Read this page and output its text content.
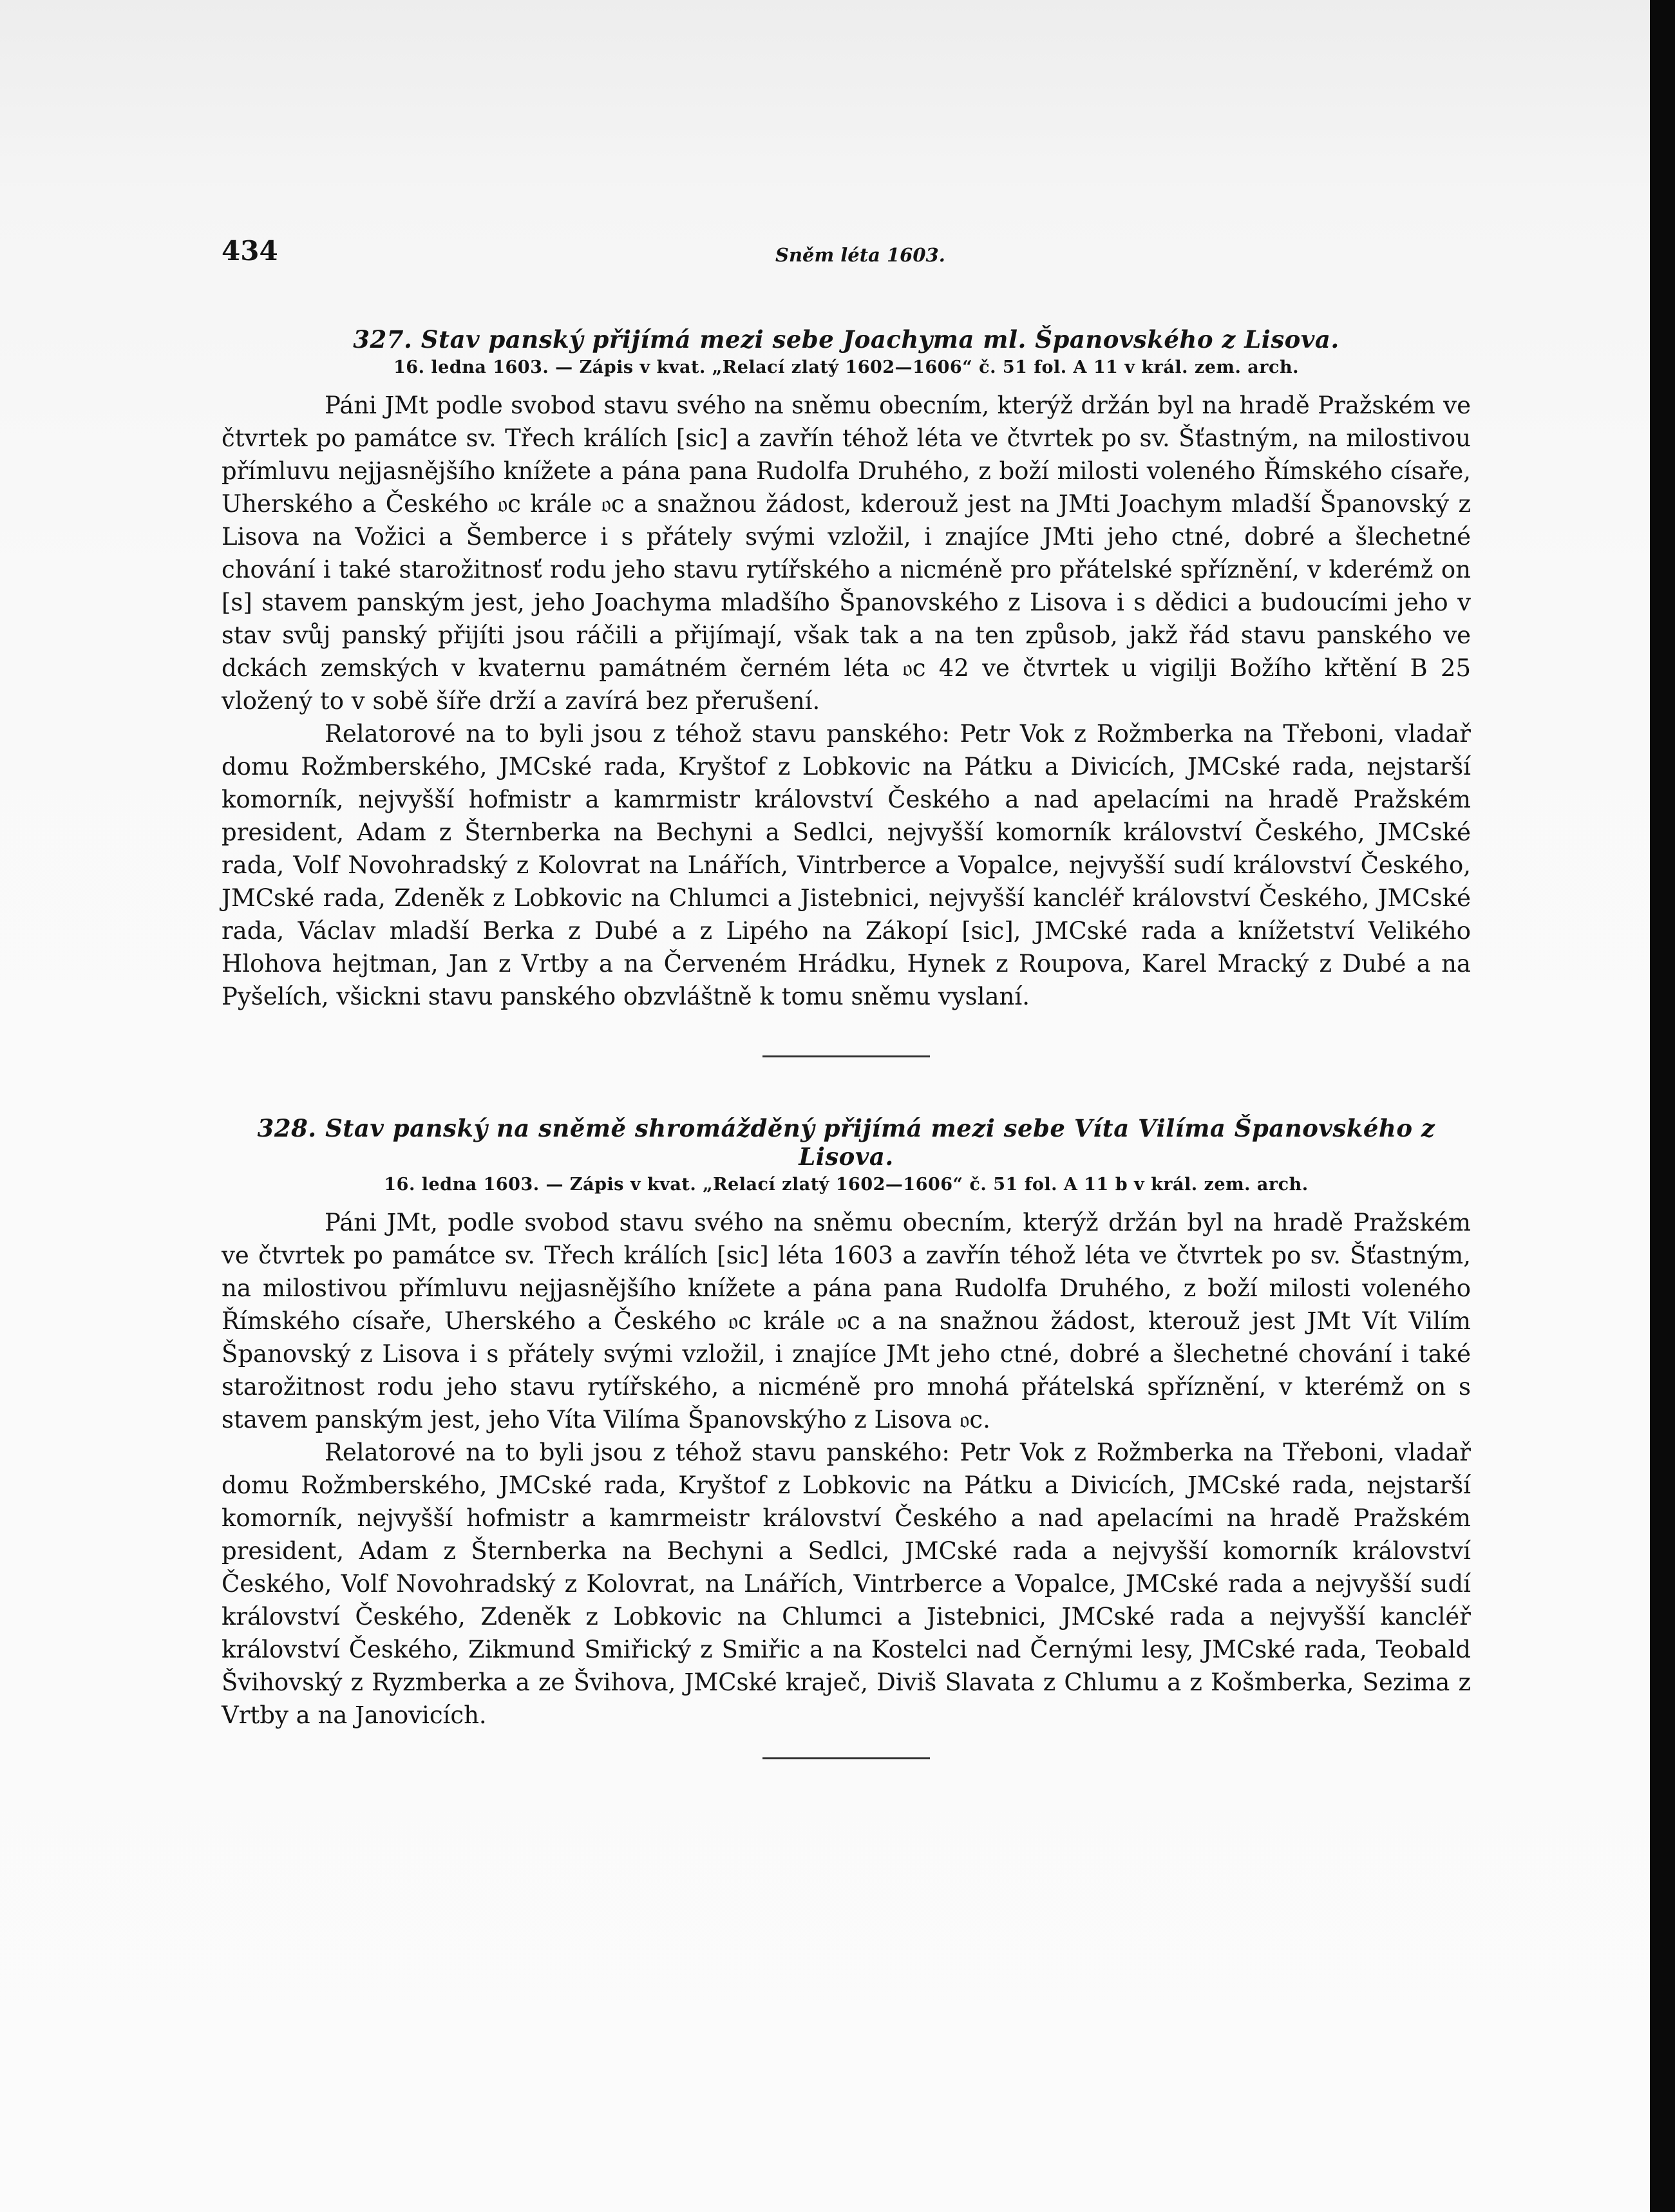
434	Sněm léta 1603.

327. Stav panský přijímá mezi sebe Joachyma ml. Španovského z Lisova.

16. ledna 1603. — Zápis v kvat. „Relací zlatý 1602—1606“ č. 51 fol. A 11 v král. zem. arch.

Páni JMt podle svobod stavu svého na sněmu obecním, kterýž držán byl na hradě Pražském ve čtvrtek po památce sv. Třech králích [sic] a zavřín téhož léta ve čtvrtek po sv. Šťastným, na milostivou přímluvu nejjasnějšího knížete a pána pana Rudolfa Druhého, z boží milosti voleného Římského císaře, Uherského a Českého 𝔬c krále 𝔬c a snažnou žádost, kderouž jest na JMti Joachym mladší Španovský z Lisova na Vožici a Šemberce i s přátely svými vzložil, i znajíce JMti jeho ctné, dobré a šlechetné chování i také starožitnosť rodu jeho stavu rytířského a nicméně pro přátelské spříznění, v kderémž on [s] stavem panským jest, jeho Joachyma mladšího Španovského z Lisova i s dědici a budoucími jeho v stav svůj panský přijíti jsou ráčili a přijímají, však tak a na ten způsob, jakž řád stavu panského ve dckách zemských v kvaternu památném černém léta 𝔬c 42 ve čtvrtek u vigilji Božího křtění B 25 vložený to v sobě šíře drží a zavírá bez přerušení.

Relatorové na to byli jsou z téhož stavu panského: Petr Vok z Rožmberka na Třeboni, vladař domu Rožmberského, JMCské rada, Kryštof z Lobkovic na Pátku a Divicích, JMCské rada, nejstarší komorník, nejvyšší hofmistr a kamrmistr království Českého a nad apelacími na hradě Pražském president, Adam z Šternberka na Bechyni a Sedlci, nejvyšší komorník království Českého, JMCské rada, Volf Novohradský z Kolovrat na Lnářích, Vintrberce a Vopalce, nejvyšší sudí království Českého, JMCské rada, Zdeněk z Lobkovic na Chlumci a Jistebnici, nejvyšší kancléř království Českého, JMCské rada, Václav mladší Berka z Dubé a z Lipého na Zákopí [sic], JMCské rada a knížetství Velikého Hlohova hejtman, Jan z Vrtby a na Červeném Hrádku, Hynek z Roupova, Karel Mracký z Dubé a na Pyšelích, všickni stavu panského obzvláštně k tomu sněmu vyslaní.

328. Stav panský na sněmě shromážděný přijímá mezi sebe Víta Vilíma Španovského z Lisova.

16. ledna 1603. — Zápis v kvat. „Relací zlatý 1602—1606“ č. 51 fol. A 11 b v král. zem. arch.

Páni JMt, podle svobod stavu svého na sněmu obecním, kterýž držán byl na hradě Pražském ve čtvrtek po památce sv. Třech králích [sic] léta 1603 a zavřín téhož léta ve čtvrtek po sv. Šťastným, na milostivou přímluvu nejjasnějšího knížete a pána pana Rudolfa Druhého, z boží milosti voleného Římského císaře, Uherského a Českého 𝔬c krále 𝔬c a na snažnou žádost, kterouž jest JMt Vít Vilím Španovský z Lisova i s přátely svými vzložil, i znajíce JMt jeho ctné, dobré a šlechetné chování i také starožitnost rodu jeho stavu rytířského, a nicméně pro mnohá přátelská spříznění, v kterémž on s stavem panským jest, jeho Víta Vilíma Španovskýho z Lisova 𝔬c.

Relatorové na to byli jsou z téhož stavu panského: Petr Vok z Rožmberka na Třeboni, vladař domu Rožmberského, JMCské rada, Kryštof z Lobkovic na Pátku a Divicích, JMCské rada, nejstarší komorník, nejvyšší hofmistr a kamrmeistr království Českého a nad apelacími na hradě Pražském president, Adam z Šternberka na Bechyni a Sedlci, JMCské rada a nejvyšší komorník království Českého, Volf Novohradský z Kolovrat, na Lnářích, Vintrberce a Vopalce, JMCské rada a nejvyšší sudí království Českého, Zdeněk z Lobkovic na Chlumci a Jistebnici, JMCské rada a nejvyšší kancléř království Českého, Zikmund Smiřický z Smiřic a na Kostelci nad Černými lesy, JMCské rada, Teobald Švihovský z Ryzmberka a ze Švihova, JMCské kraječ, Diviš Slavata z Chlumu a z Košmberka, Sezima z Vrtby a na Janovicích.
